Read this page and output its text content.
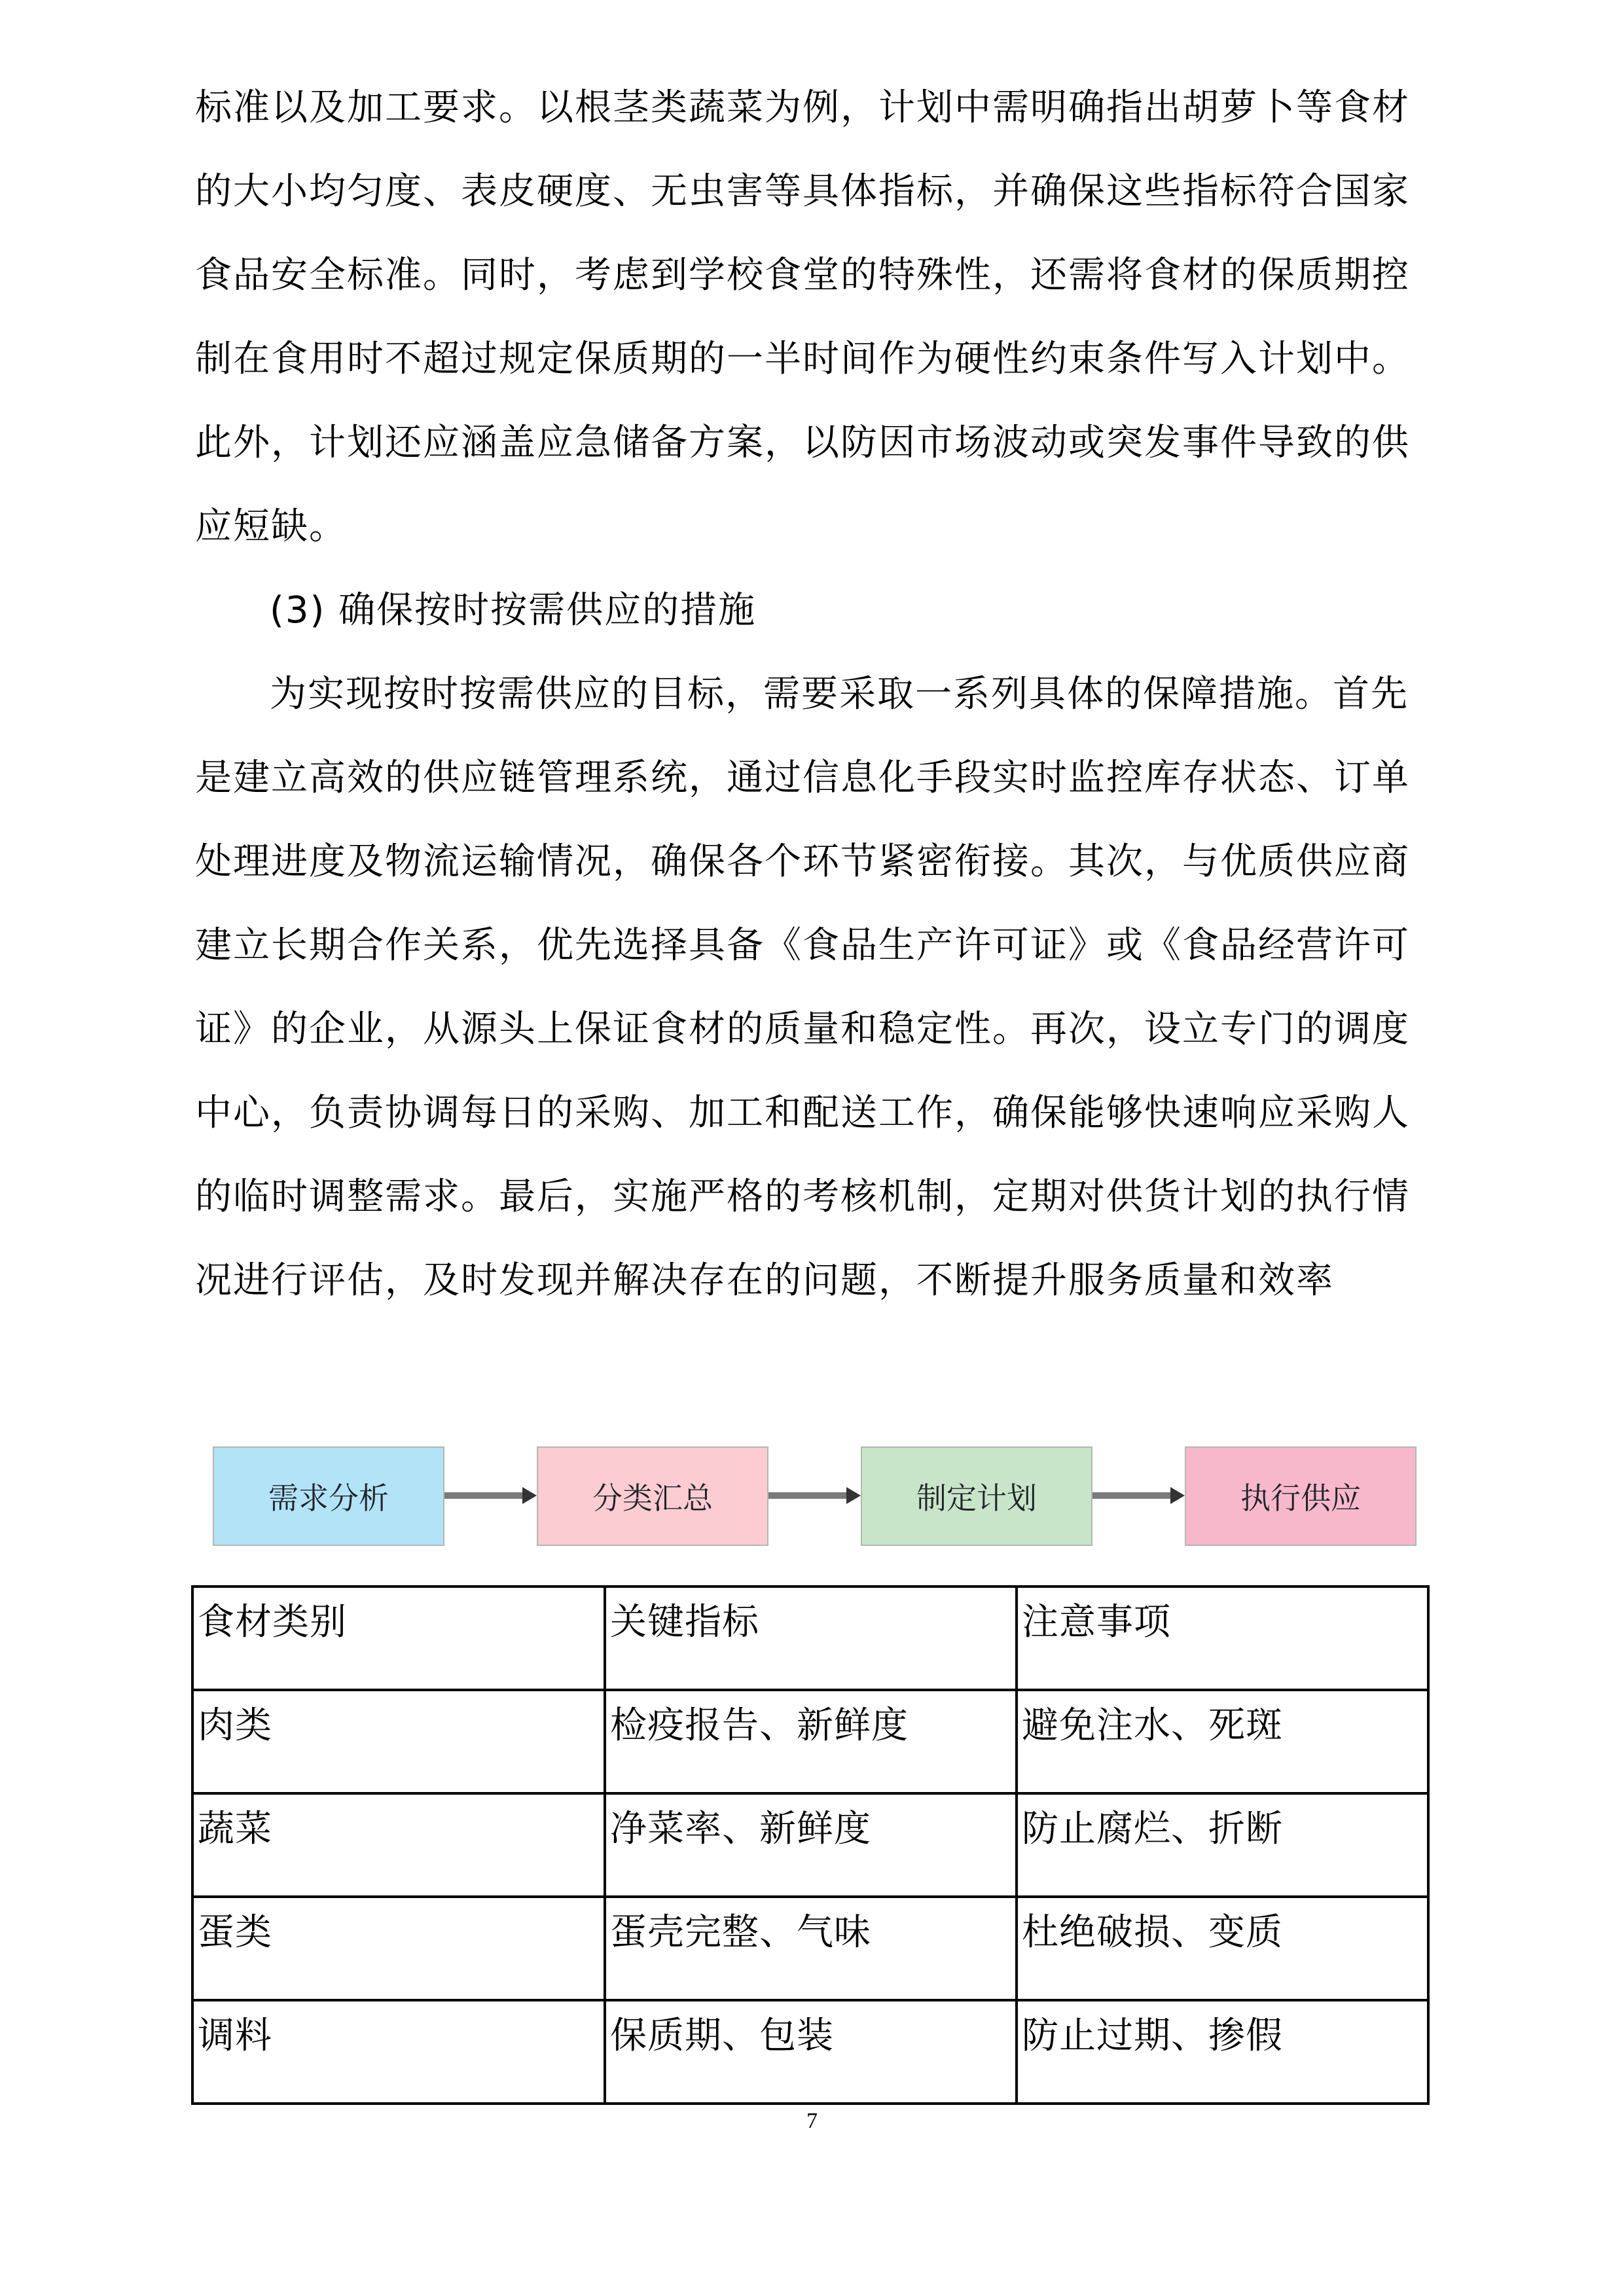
标准以及加工要求。以根茎类蔬菜为例，计划中需明确指出胡萝卜等食材
的大小均匀度、表皮硬度、无虫害等具体指标，并确保这些指标符合国家
食品安全标准。同时，考虑到学校食堂的特殊性，还需将食材的保质期控
制在食用时不超过规定保质期的一半时间作为硬性约束条件写入计划中。
此外，计划还应涵盖应急储备方案，以防因市场波动或突发事件导致的供
应短缺。
(3) 确保按时按需供应的措施
为实现按时按需供应的目标，需要采取一系列具体的保障措施。首先
是建立高效的供应链管理系统，通过信息化手段实时监控库存状态、订单
处理进度及物流运输情况，确保各个环节紧密衔接。其次，与优质供应商
建立长期合作关系，优先选择具备《食品生产许可证》或《食品经营许可
证》的企业，从源头上保证食材的质量和稳定性。再次，设立专门的调度
中心，负责协调每日的采购、加工和配送工作，确保能够快速响应采购人
的临时调整需求。最后，实施严格的考核机制，定期对供货计划的执行情
况进行评估，及时发现并解决存在的问题，不断提升服务质量和效率
需求分析	分类汇总	制定计划	执行供应
食材类别	关键指标	注意事项
肉类	检疫报告、新鲜度	避免注水、死斑
蔬菜	净菜率、新鲜度	防止腐烂、折断
蛋类	蛋壳完整、气味	杜绝破损、变质
调料	保质期、包装	防止过期、掺假
7
